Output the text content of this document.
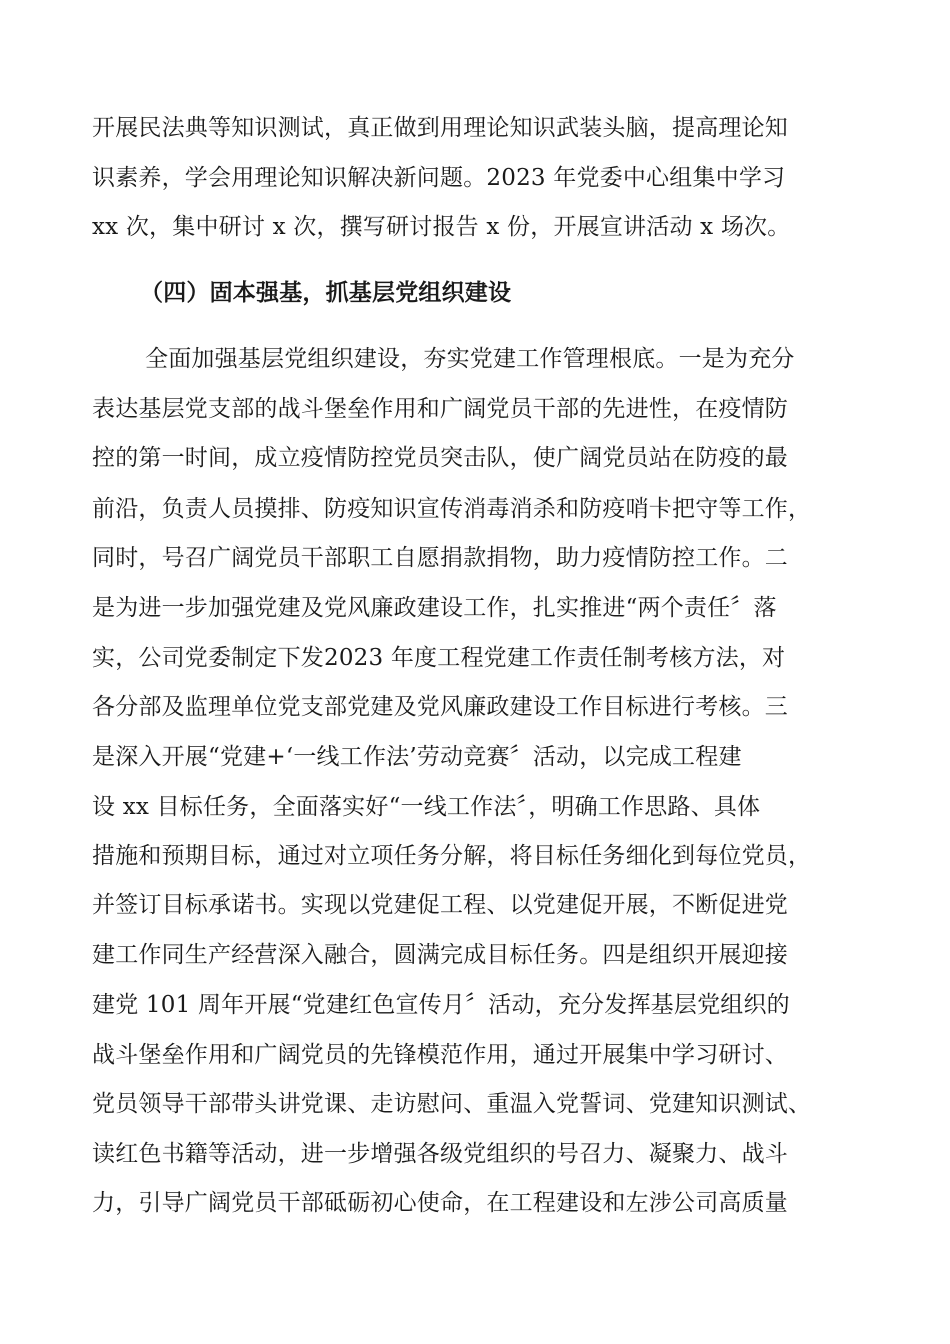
开展民法典等知识测试，真正做到用理论知识武装头脑，提高理论知
识素养，学会用理论知识解决新问题。2023 年党委中心组集中学习
xx 次，集中研讨 x 次，撰写研讨报告 x 份，开展宣讲活动 x 场次。
（四）固本强基，抓基层党组织建设
全面加强基层党组织建设，夯实党建工作管理根底。一是为充分
表达基层党支部的战斗堡垒作用和广阔党员干部的先进性，在疫情防
控的第一时间，成立疫情防控党员突击队，使广阔党员站在防疫的最
前沿，负责人员摸排、防疫知识宣传消毒消杀和防疫哨卡把守等工作，
同时，号召广阔党员干部职工自愿捐款捐物，助力疫情防控工作。二
是为进一步加强党建及党风廉政建设工作，扎实推进“两个责任〞落
实，公司党委制定下发2023 年度工程党建工作责任制考核方法，对
各分部及监理单位党支部党建及党风廉政建设工作目标进行考核。三
是深入开展“党建+‘一线工作法’劳动竞赛〞活动，以完成工程建
设 xx 目标任务，全面落实好“一线工作法〞，明确工作思路、具体
措施和预期目标，通过对立项任务分解，将目标任务细化到每位党员，
并签订目标承诺书。实现以党建促工程、以党建促开展，不断促进党
建工作同生产经营深入融合，圆满完成目标任务。四是组织开展迎接
建党 101 周年开展“党建红色宣传月〞活动，充分发挥基层党组织的
战斗堡垒作用和广阔党员的先锋模范作用，通过开展集中学习研讨、
党员领导干部带头讲党课、走访慰问、重温入党誓词、党建知识测试、
读红色书籍等活动，进一步增强各级党组织的号召力、凝聚力、战斗
力，引导广阔党员干部砥砺初心使命，在工程建设和左涉公司高质量
